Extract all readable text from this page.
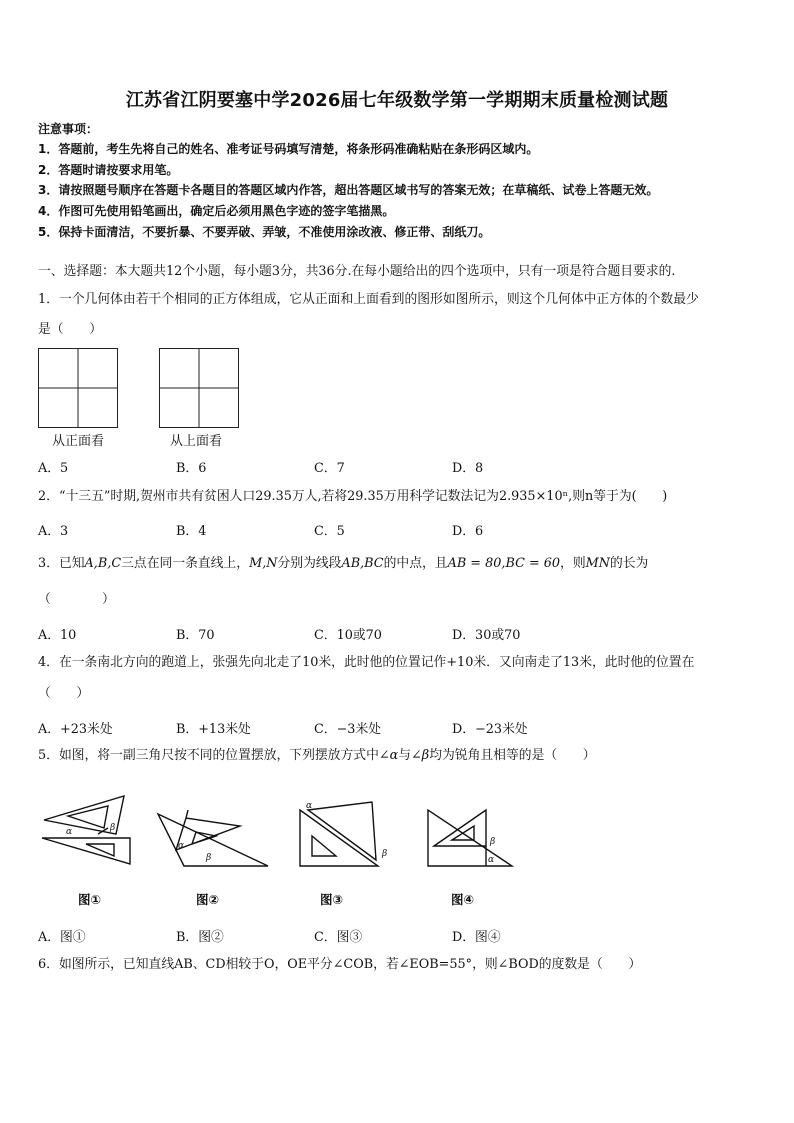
江苏省江阴要塞中学2026届七年级数学第一学期期末质量检测试题
注意事项：
1．答题前，考生先将自己的姓名、准考证号码填写清楚，将条形码准确粘贴在条形码区域内。
2．答题时请按要求用笔。
3．请按照题号顺序在答题卡各题目的答题区域内作答，超出答题区域书写的答案无效；在草稿纸、试卷上答题无效。
4．作图可先使用铅笔画出，确定后必须用黑色字迹的签字笔描黑。
5．保持卡面清洁，不要折暴、不要弄破、弄皱，不准使用涂改液、修正带、刮纸刀。
一、选择题：本大题共12个小题，每小题3分，共36分.在每小题给出的四个选项中，只有一项是符合题目要求的.
1．一个几何体由若干个相同的正方体组成，它从正面和上面看到的图形如图所示，则这个几何体中正方体的个数最少
是（　　）
从正面看	从上面看
A．5	B．6	C．7	D．8
2．“十三五”时期,贺州市共有贫困人口29.35万人,若将29.35万用科学记数法记为2.935×10ⁿ,则n等于为(　　)
A．3	B．4	C．5	D．6
3．已知A,B,C三点在同一条直线上，M,N分别为线段AB,BC的中点，且AB = 80,BC = 60，则MN的长为
（　　　　）
A．10	B．70	C．10或70	D．30或70
4．在一条南北方向的跑道上，张强先向北走了10米，此时他的位置记作+10米．又向南走了13米，此时他的位置在
（　　）
A．+23米处	B．+13米处	C．−3米处	D．−23米处
5．如图，将一副三角尺按不同的位置摆放，下列摆放方式中∠α与∠β均为锐角且相等的是（　　）
α	β
图①
α
β
图②
α
β
图③
β
α
图④
A．图①	B．图②	C．图③	D．图④
6．如图所示，已知直线AB、CD相较于O，OE平分∠COB，若∠EOB=55°，则∠BOD的度数是（　　）
